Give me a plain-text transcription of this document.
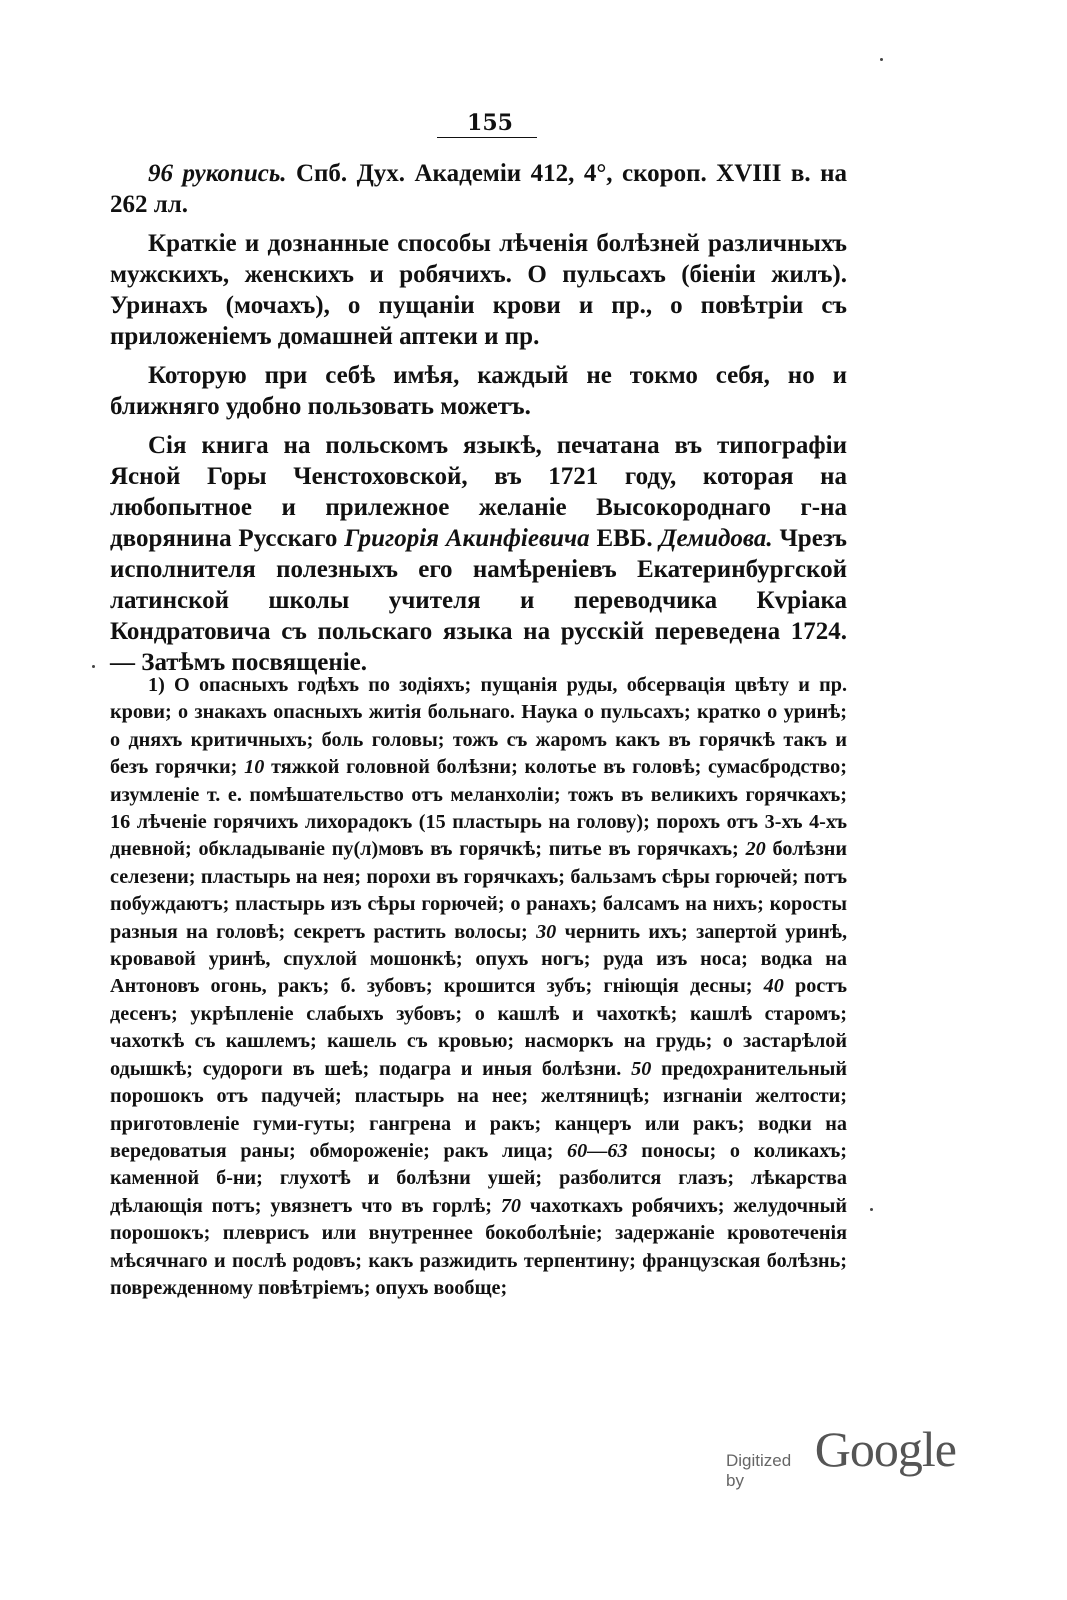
155

96 рукопись. Спб. Дух. Академіи 412, 4°, скороп. XVIII в. на 262 лл.

Краткіе и дознанные способы лѣченія болѣзней различныхъ мужскихъ, женскихъ и робячихъ. О пульсахъ (біеніи жилъ). Уринахъ (мочахъ), о пущаніи крови и пр., о повѣтріи съ приложеніемъ домашней аптеки и пр.

Которую при себѣ имѣя, каждый не токмо себя, но и ближняго удобно пользовать можетъ.

Сія книга на польскомъ языкѣ, печатана въ типографіи Ясной Горы Ченстоховской, въ 1721 году, которая на любопытное и прилежное желаніе Высокороднаго г-на дворянина Русскаго Григорія Акинфіевича ЕВБ. Демидова. Чрезъ исполнителя полезныхъ его намѣреніевъ Екатеринбургской латинской школы учителя и переводчика Кvріака Кондратовича съ польскаго языка на русскій переведена 1724. — Затѣмъ посвященіе.

1) О опасныхъ годѣхъ по зодіяхъ; пущанія руды, обсервація цвѣту и пр. крови; о знакахъ опасныхъ житія больнаго. Наука о пульсахъ; кратко о уринѣ; о дняхъ критичныхъ; боль головы; тожъ съ жаромъ какъ въ горячкѣ такъ и безъ горячки; 10 тяжкой головной болѣзни; колотье въ головѣ; сумасбродство; изумленіе т. е. помѣшательство отъ меланхоліи; тожъ въ великихъ горячкахъ; 16 лѣченіе горячихъ лихорадокъ (15 пластырь на голову); порохъ отъ 3-хъ 4-хъ дневной; обкладываніе пу(л)мовъ въ горячкѣ; питье въ горячкахъ; 20 болѣзни селезени; пластырь на нея; порохи въ горячкахъ; бальзамъ сѣры горючей; потъ побуждаютъ; пластырь изъ сѣры горючей; о ранахъ; балсамъ на нихъ; коросты разныя на головѣ; секретъ растить волосы; 30 чернить ихъ; запертой уринѣ, кровавой уринѣ, спухлой мошонкѣ; опухъ ногъ; руда изъ носа; водка на Антоновъ огонь, ракъ; б. зубовъ; крошится зубъ; гніющія десны; 40 ростъ десенъ; укрѣпленіе слабыхъ зубовъ; о кашлѣ и чахоткѣ; кашлѣ старомъ; чахоткѣ съ кашлемъ; кашель съ кровью; насморкъ на грудь; о застарѣлой одышкѣ; судороги въ шеѣ; подагра и иныя болѣзни. 50 предохранительный порошокъ отъ падучей; пластырь на нее; желтяницѣ; изгнаніи желтости; приготовленіе гуми-гуты; гангрена и ракъ; канцеръ или ракъ; водки на вередоватыя раны; обмороженіе; ракъ лица; 60—63 поносы; о коликахъ; каменной б-ни; глухотѣ и болѣзни ушей; разболится глазъ; лѣкарства дѣлающія потъ; увязнетъ что въ горлѣ; 70 чахоткахъ робячихъ; желудочный порошокъ; плеврисъ или внутреннее бокоболѣніе; задержаніе кровотеченія мѣсячнаго и послѣ родовъ; какъ разжидить терпентину; французская болѣзнь; поврежденному повѣтріемъ; опухъ вообще;

Digitized by
Google
